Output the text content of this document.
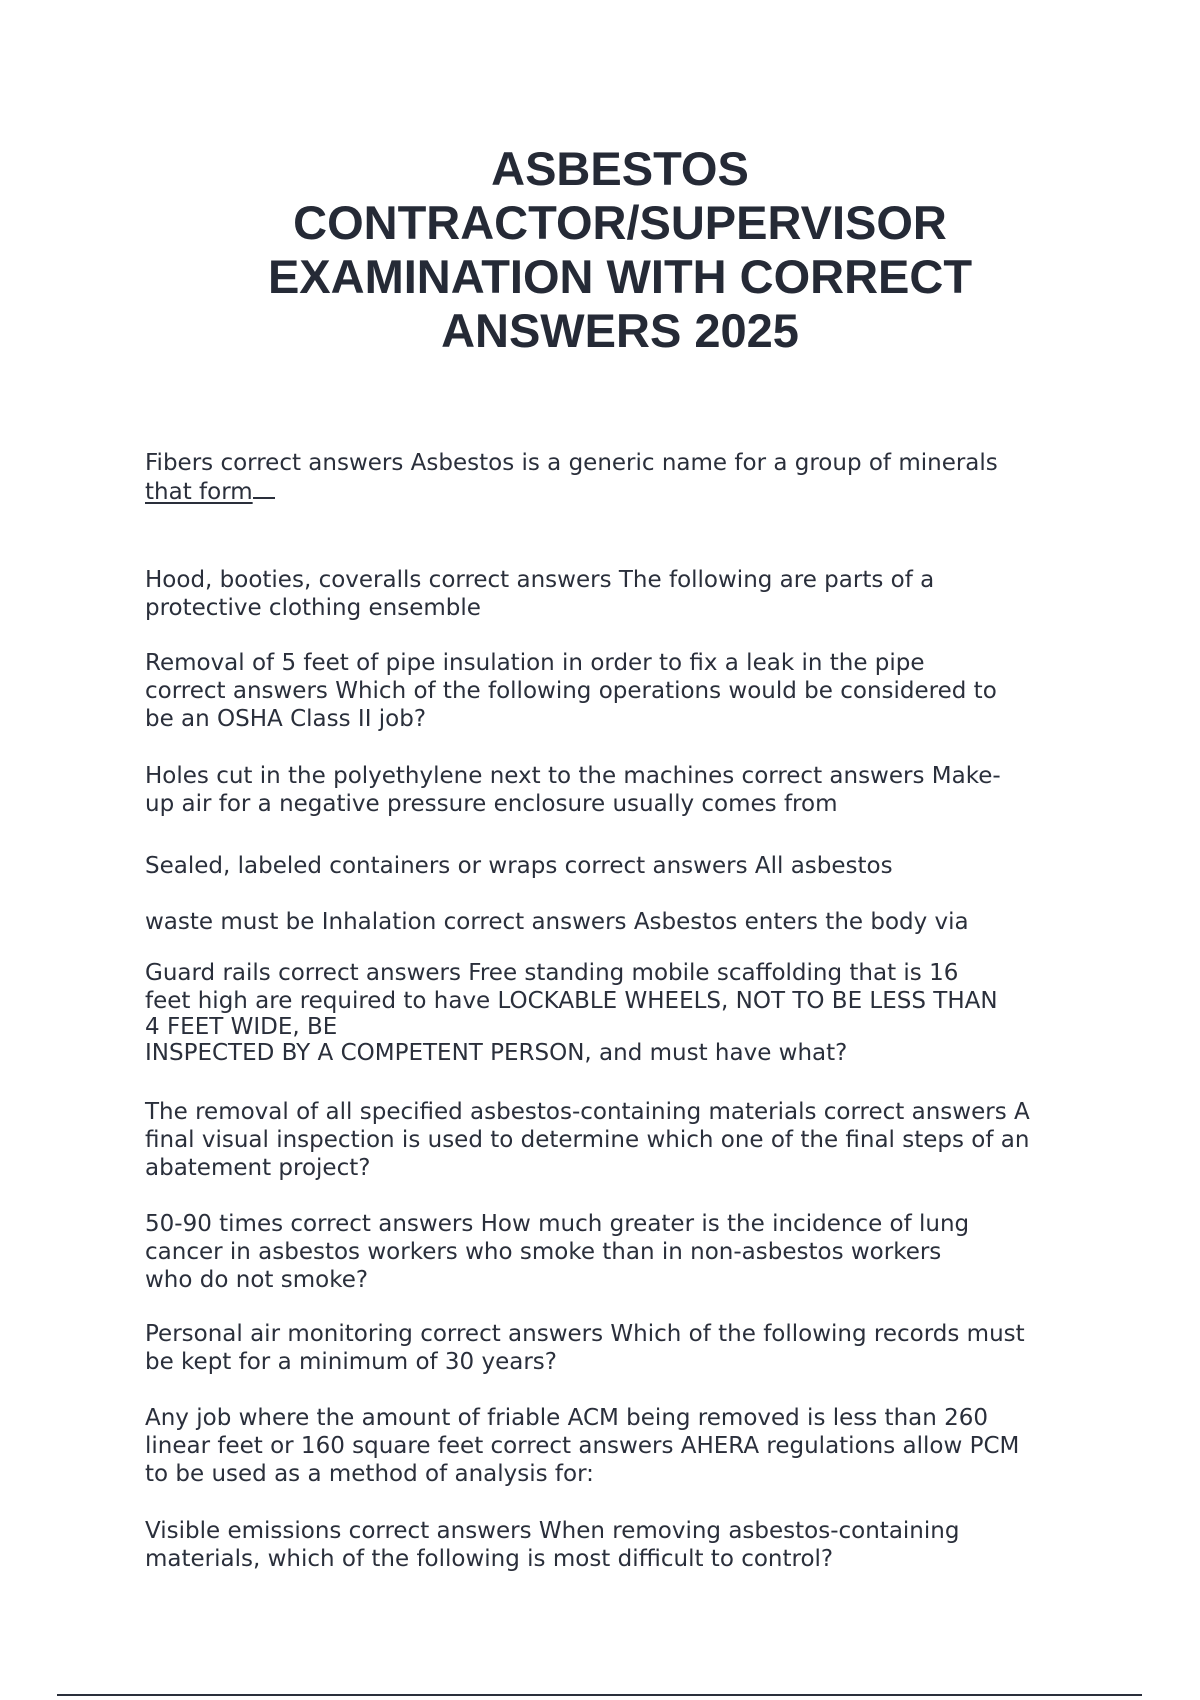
ASBESTOS
CONTRACTOR/SUPERVISOR
EXAMINATION WITH CORRECT
ANSWERS 2025

Fibers correct answers Asbestos is a generic name for a group of minerals
that form

Hood, booties, coveralls correct answers The following are parts of a
protective clothing ensemble

Removal of 5 feet of pipe insulation in order to fix a leak in the pipe
correct answers Which of the following operations would be considered to
be an OSHA Class II job?

Holes cut in the polyethylene next to the machines correct answers Make-
up air for a negative pressure enclosure usually comes from

Sealed, labeled containers or wraps correct answers All asbestos

waste must be Inhalation correct answers Asbestos enters the body via

Guard rails correct answers Free standing mobile scaffolding that is 16
feet high are required to have LOCKABLE WHEELS, NOT TO BE LESS THAN
4 FEET WIDE, BE
INSPECTED BY A COMPETENT PERSON, and must have what?

The removal of all specified asbestos-containing materials correct answers A
final visual inspection is used to determine which one of the final steps of an
abatement project?

50-90 times correct answers How much greater is the incidence of lung
cancer in asbestos workers who smoke than in non-asbestos workers
who do not smoke?

Personal air monitoring correct answers Which of the following records must
be kept for a minimum of 30 years?

Any job where the amount of friable ACM being removed is less than 260
linear feet or 160 square feet correct answers AHERA regulations allow PCM
to be used as a method of analysis for:

Visible emissions correct answers When removing asbestos-containing
materials, which of the following is most difficult to control?
